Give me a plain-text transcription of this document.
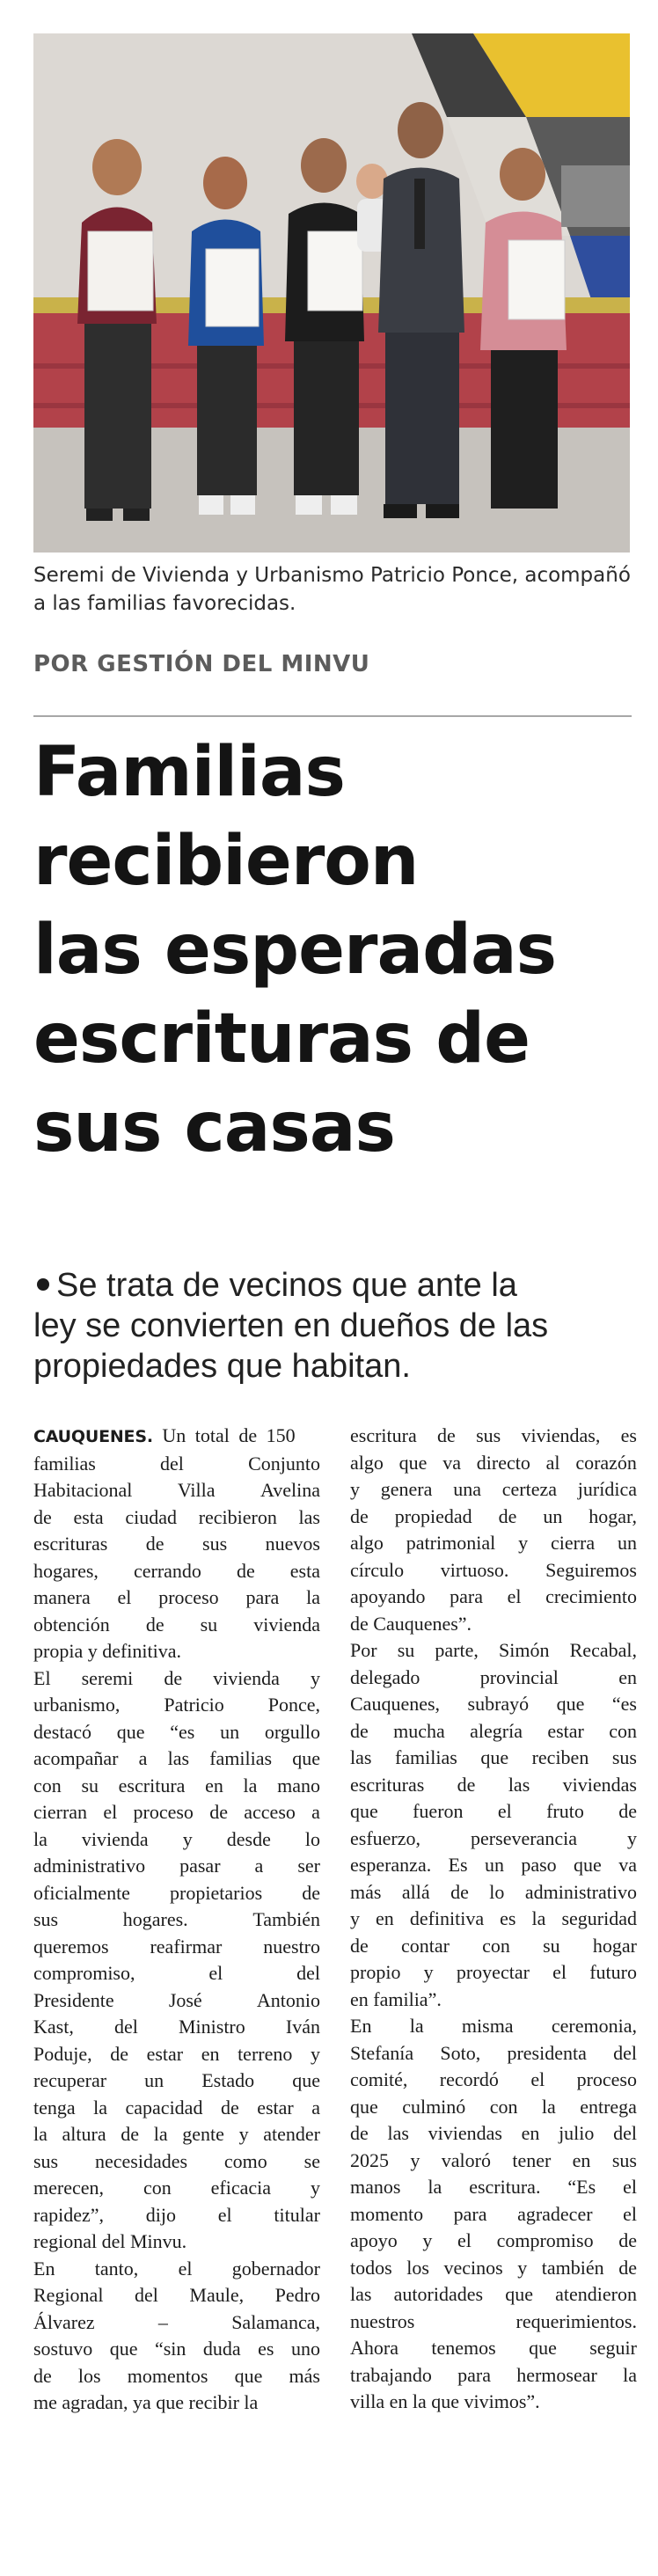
Seremi de Vivienda y Urbanismo Patricio Ponce, acompañó
a las familias favorecidas.

POR GESTIÓN DEL MINVU
Familias
recibieron
las esperadas
escrituras de
sus casas
Se trata de vecinos que ante la
ley se convierten en dueños de las
propiedades que habitan.
CAUQUENES. Un total de 150
familias	del	Conjunto
Habitacional Villa Avelina
de esta ciudad recibieron las
escrituras de sus nuevos
hogares, cerrando de esta
manera el proceso para la
obtención de su vivienda
propia y definitiva.
El seremi de vivienda y
urbanismo, Patricio Ponce,
destacó que “es un orgullo
acompañar a las familias que
con su escritura en la mano
cierran el proceso de acceso a
la vivienda y desde lo
administrativo pasar a ser
oficialmente propietarios de
sus	hogares.	También
queremos reafirmar nuestro
compromiso,	el	del
Presidente	José	Antonio
Kast, del Ministro Iván
Poduje, de estar en terreno y
recuperar un Estado que
tenga la capacidad de estar a
la altura de la gente y atender
sus necesidades como se
merecen, con eficacia y
rapidez”, dijo el titular
regional del Minvu.
En tanto, el gobernador
Regional del Maule, Pedro
Álvarez	–	Salamanca,
sostuvo que “sin duda es uno
de los momentos que más
me agradan, ya que recibir la
escritura de sus viviendas, es
algo que va directo al corazón
y genera una certeza jurídica
de propiedad de un hogar,
algo patrimonial y cierra un
círculo virtuoso. Seguiremos
apoyando para el crecimiento
de Cauquenes”.
Por su parte, Simón Recabal,
delegado	provincial	en
Cauquenes, subrayó que “es
de mucha alegría estar con
las familias que reciben sus
escrituras de las viviendas
que fueron el fruto de
esfuerzo,	perseverancia	y
esperanza. Es un paso que va
más allá de lo administrativo
y en definitiva es la seguridad
de contar con su hogar
propio y proyectar el futuro
en familia”.
En la misma ceremonia,
Stefanía Soto, presidenta del
comité, recordó el proceso
que culminó con la entrega
de las viviendas en julio del
2025 y valoró tener en sus
manos la escritura. “Es el
momento para agradecer el
apoyo y el compromiso de
todos los vecinos y también de
las autoridades que atendieron
nuestros	requerimientos.
Ahora tenemos que seguir
trabajando para hermosear la
villa en la que vivimos”.
